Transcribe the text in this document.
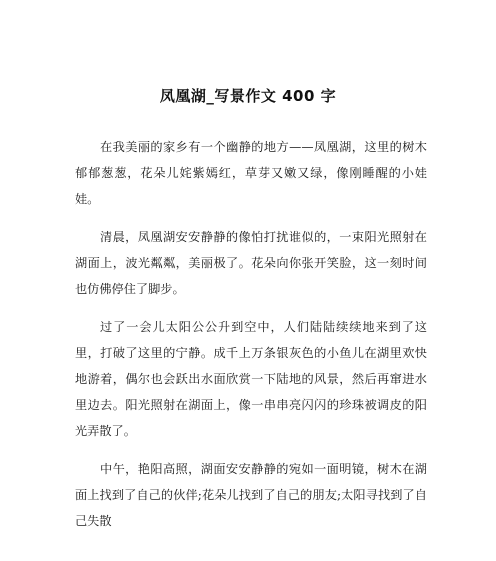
凤凰湖_写景作文 400 字

在我美丽的家乡有一个幽静的地方——凤凰湖，这里的树木郁郁葱葱，花朵儿姹紫嫣红，草芽又嫩又绿，像刚睡醒的小娃娃。

清晨，凤凰湖安安静静的像怕打扰谁似的，一束阳光照射在湖面上，波光粼粼，美丽极了。花朵向你张开笑脸，这一刻时间也仿佛停住了脚步。

过了一会儿太阳公公升到空中，人们陆陆续续地来到了这里，打破了这里的宁静。成千上万条银灰色的小鱼儿在湖里欢快地游着，偶尔也会跃出水面欣赏一下陆地的风景，然后再窜进水里边去。阳光照射在湖面上，像一串串亮闪闪的珍珠被调皮的阳光弄散了。

中午，艳阳高照，湖面安安静静的宛如一面明镜，树木在湖面上找到了自己的伙伴;花朵儿找到了自己的朋友;太阳寻找到了自己失散
